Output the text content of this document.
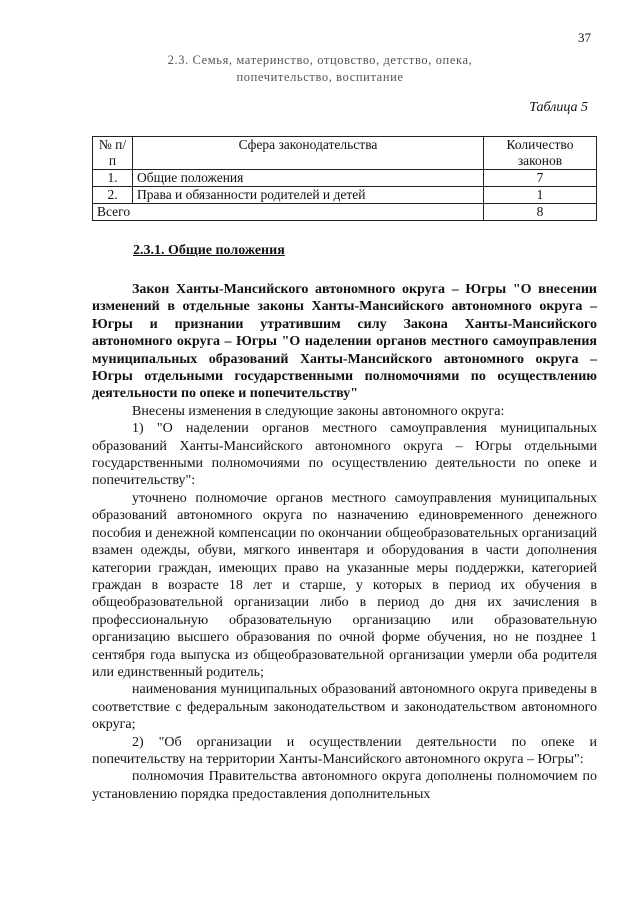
37
2.3. Семья, материнство, отцовство, детство, опека,
попечительство, воспитание
Таблица 5
№ п/п	Сфера законодательства	Количество законов
1.	Общие положения	7
2.	Права и обязанности родителей и детей	1
Всего		8
2.3.1. Общие положения

Закон Ханты-Мансийского автономного округа – Югры "О внесении изменений в отдельные законы Ханты-Мансийского автономного округа – Югры и признании утратившим силу Закона Ханты-Мансийского автономного округа – Югры "О наделении органов местного самоуправления муниципальных образований Ханты-Мансийского автономного округа – Югры отдельными государственными полномочиями по осуществлению деятельности по опеке и попечительству"

Внесены изменения в следующие законы автономного округа:

1) "О наделении органов местного самоуправления муниципальных образований Ханты-Мансийского автономного округа – Югры отдельными государственными полномочиями по осуществлению деятельности по опеке и попечительству":

уточнено полномочие органов местного самоуправления муниципальных образований автономного округа по назначению единовременного денежного пособия и денежной компенсации по окончании общеобразовательных организаций взамен одежды, обуви, мягкого инвентаря и оборудования в части дополнения категории граждан, имеющих право на указанные меры поддержки, категорией граждан в возрасте 18 лет и старше, у которых в период их обучения в общеобразовательной организации либо в период до дня их зачисления в профессиональную образовательную организацию или образовательную организацию высшего образования по очной форме обучения, но не позднее 1 сентября года выпуска из общеобразовательной организации умерли оба родителя или единственный родитель;

наименования муниципальных образований автономного округа приведены в соответствие с федеральным законодательством и законодательством автономного округа;

2) "Об организации и осуществлении деятельности по опеке и попечительству на территории Ханты-Мансийского автономного округа – Югры":

полномочия Правительства автономного округа дополнены полномочием по установлению порядка предоставления дополнительных
